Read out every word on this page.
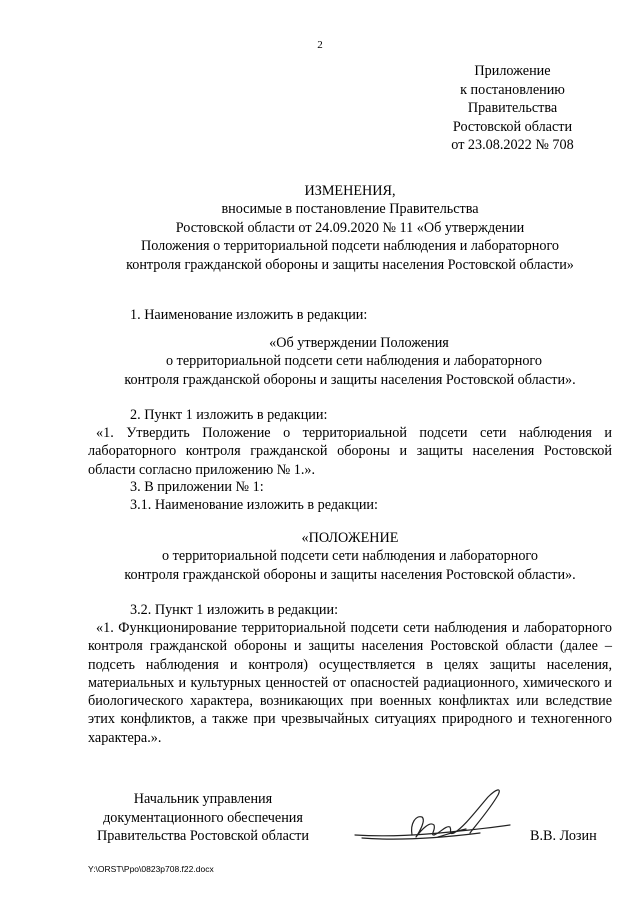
2
Приложение
к постановлению
Правительства
Ростовской области
от 23.08.2022 № 708
ИЗМЕНЕНИЯ,
вносимые в постановление Правительства
Ростовской области от 24.09.2020 № 11 «Об утверждении
Положения о территориальной подсети наблюдения и лабораторного
контроля гражданской обороны и защиты населения Ростовской области»
1. Наименование изложить в редакции:
«Об утверждении Положения
о территориальной подсети сети наблюдения и лабораторного
контроля гражданской обороны и защиты населения Ростовской области».
2. Пункт 1 изложить в редакции:
«1. Утвердить Положение о территориальной подсети сети наблюдения и лабораторного контроля гражданской обороны и защиты населения Ростовской области согласно приложению № 1.».
3. В приложении № 1:
3.1. Наименование изложить в редакции:
«ПОЛОЖЕНИЕ
о территориальной подсети сети наблюдения и лабораторного
контроля гражданской обороны и защиты населения Ростовской области».
3.2. Пункт 1 изложить в редакции:
«1. Функционирование территориальной подсети сети наблюдения и лабораторного контроля гражданской обороны и защиты населения Ростовской области (далее – подсеть наблюдения и контроля) осуществляется в целях защиты населения, материальных и культурных ценностей от опасностей радиационного, химического и биологического характера, возникающих при военных конфликтах или вследствие этих конфликтов, а также при чрезвычайных ситуациях природного и техногенного характера.».
Начальник управления
документационного обеспечения
Правительства Ростовской области	В.В. Лозин
Y:\ORST\Ppo\0823p708.f22.docx
